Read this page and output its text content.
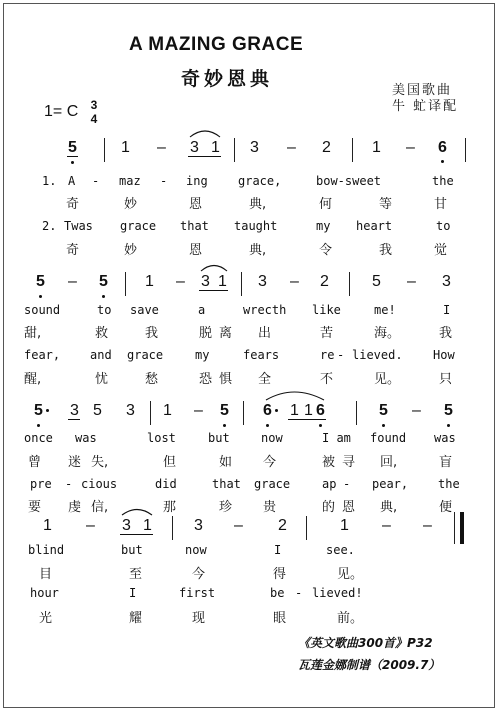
A MAZING GRACE
奇妙恩典
美国歌曲
牛 虻译配
1= C 3
4
5	1 – 3 1 3 – 2	1 – 6
1. A - maz - ing	grace,	bow-sweet	the
奇	妙	恩	典,	何	等	甘
2. Twas grace that taught	my heart	to
奇	妙	恩	典,	令	我	觉
5 – 5 1 – 3 1 3 – 2	5 – 3
sound	to save	a	wrecth like	me!	I
甜,	救	我	脱 离 出	苦	海。	我
fear, and grace	my	fears	re - lieved.	How
醒,	忧	愁	恐 惧 全	不	见。	只
5 3 5 3 1 – 5 6 1 1 6	5 – 5
once was	lost	but	now	I am found was
曾 迷 失,	但	如 今	被 寻 回,	盲
pre - cious	did	that grace	ap - pear, the
要 虔 信,	那	珍 贵	的 恩 典,	便
1 – 3 1	3 – 2	1 – –
blind	but	now	I	see.
目	至	今	得	见。
hour	I	first	be - lieved!
光	耀	现	眼	前。
《英文歌曲300首》P32
瓦莲金娜制谱（2009.7）
